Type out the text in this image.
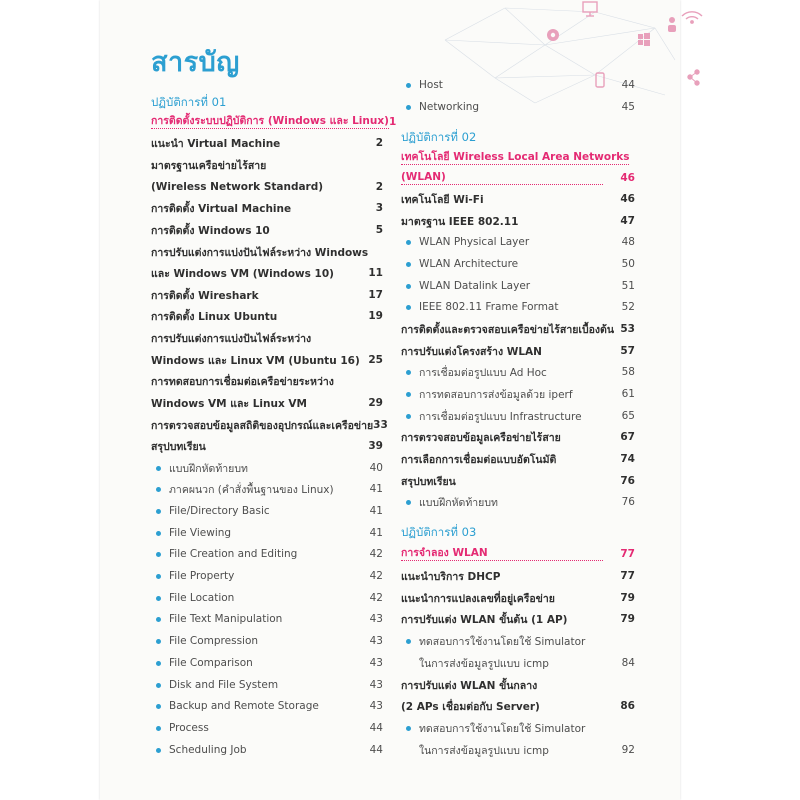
สารบัญ
ปฏิบัติการที่ 01
การติดตั้งระบบปฏิบัติการ (Windows และ Linux) 1
แนะนำ Virtual Machine	2
มาตรฐานเครือข่ายไร้สาย
(Wireless Network Standard)	2
การติดตั้ง Virtual Machine	3
การติดตั้ง Windows 10	5
การปรับแต่งการแบ่งปันไฟล์ระหว่าง Windows
และ Windows VM (Windows 10)	11
การติดตั้ง Wireshark	17
การติดตั้ง Linux Ubuntu	19
การปรับแต่งการแบ่งปันไฟล์ระหว่าง
Windows และ Linux VM (Ubuntu 16) 25
การทดสอบการเชื่อมต่อเครือข่ายระหว่าง
Windows VM และ Linux VM	29
การตรวจสอบข้อมูลสถิติของอุปกรณ์และเครือข่าย 33
สรุปบทเรียน	39
แบบฝึกหัดท้ายบท	40
ภาคผนวก (คำสั่งพื้นฐานของ Linux)	41
File/Directory Basic	41
File Viewing	41
File Creation and Editing	42
File Property	42
File Location	42
File Text Manipulation	43
File Compression	43
File Comparison	43
Disk and File System	43
Backup and Remote Storage	43
Process	44
Scheduling Job	44
Host	44
Networking	45
ปฏิบัติการที่ 02
เทคโนโลยี Wireless Local Area Networks
(WLAN)	46
เทคโนโลยี Wi-Fi	46
มาตรฐาน IEEE 802.11	47
WLAN Physical Layer	48
WLAN Architecture	50
WLAN Datalink Layer	51
IEEE 802.11 Frame Format	52
การติดตั้งและตรวจสอบเครือข่ายไร้สายเบื้องต้น 53
การปรับแต่งโครงสร้าง WLAN	57
การเชื่อมต่อรูปแบบ Ad Hoc	58
การทดสอบการส่งข้อมูลด้วย iperf	61
การเชื่อมต่อรูปแบบ Infrastructure	65
การตรวจสอบข้อมูลเครือข่ายไร้สาย	67
การเลือกการเชื่อมต่อแบบอัตโนมัติ	74
สรุปบทเรียน	76
แบบฝึกหัดท้ายบท	76
ปฏิบัติการที่ 03
การจำลอง WLAN	77
แนะนำบริการ DHCP	77
แนะนำการแปลงเลขที่อยู่เครือข่าย	79
การปรับแต่ง WLAN ขั้นต้น (1 AP)	79
ทดสอบการใช้งานโดยใช้ Simulator
ในการส่งข้อมูลรูปแบบ icmp	84
การปรับแต่ง WLAN ขั้นกลาง
(2 APs เชื่อมต่อกับ Server)	86
ทดสอบการใช้งานโดยใช้ Simulator
ในการส่งข้อมูลรูปแบบ icmp	92
